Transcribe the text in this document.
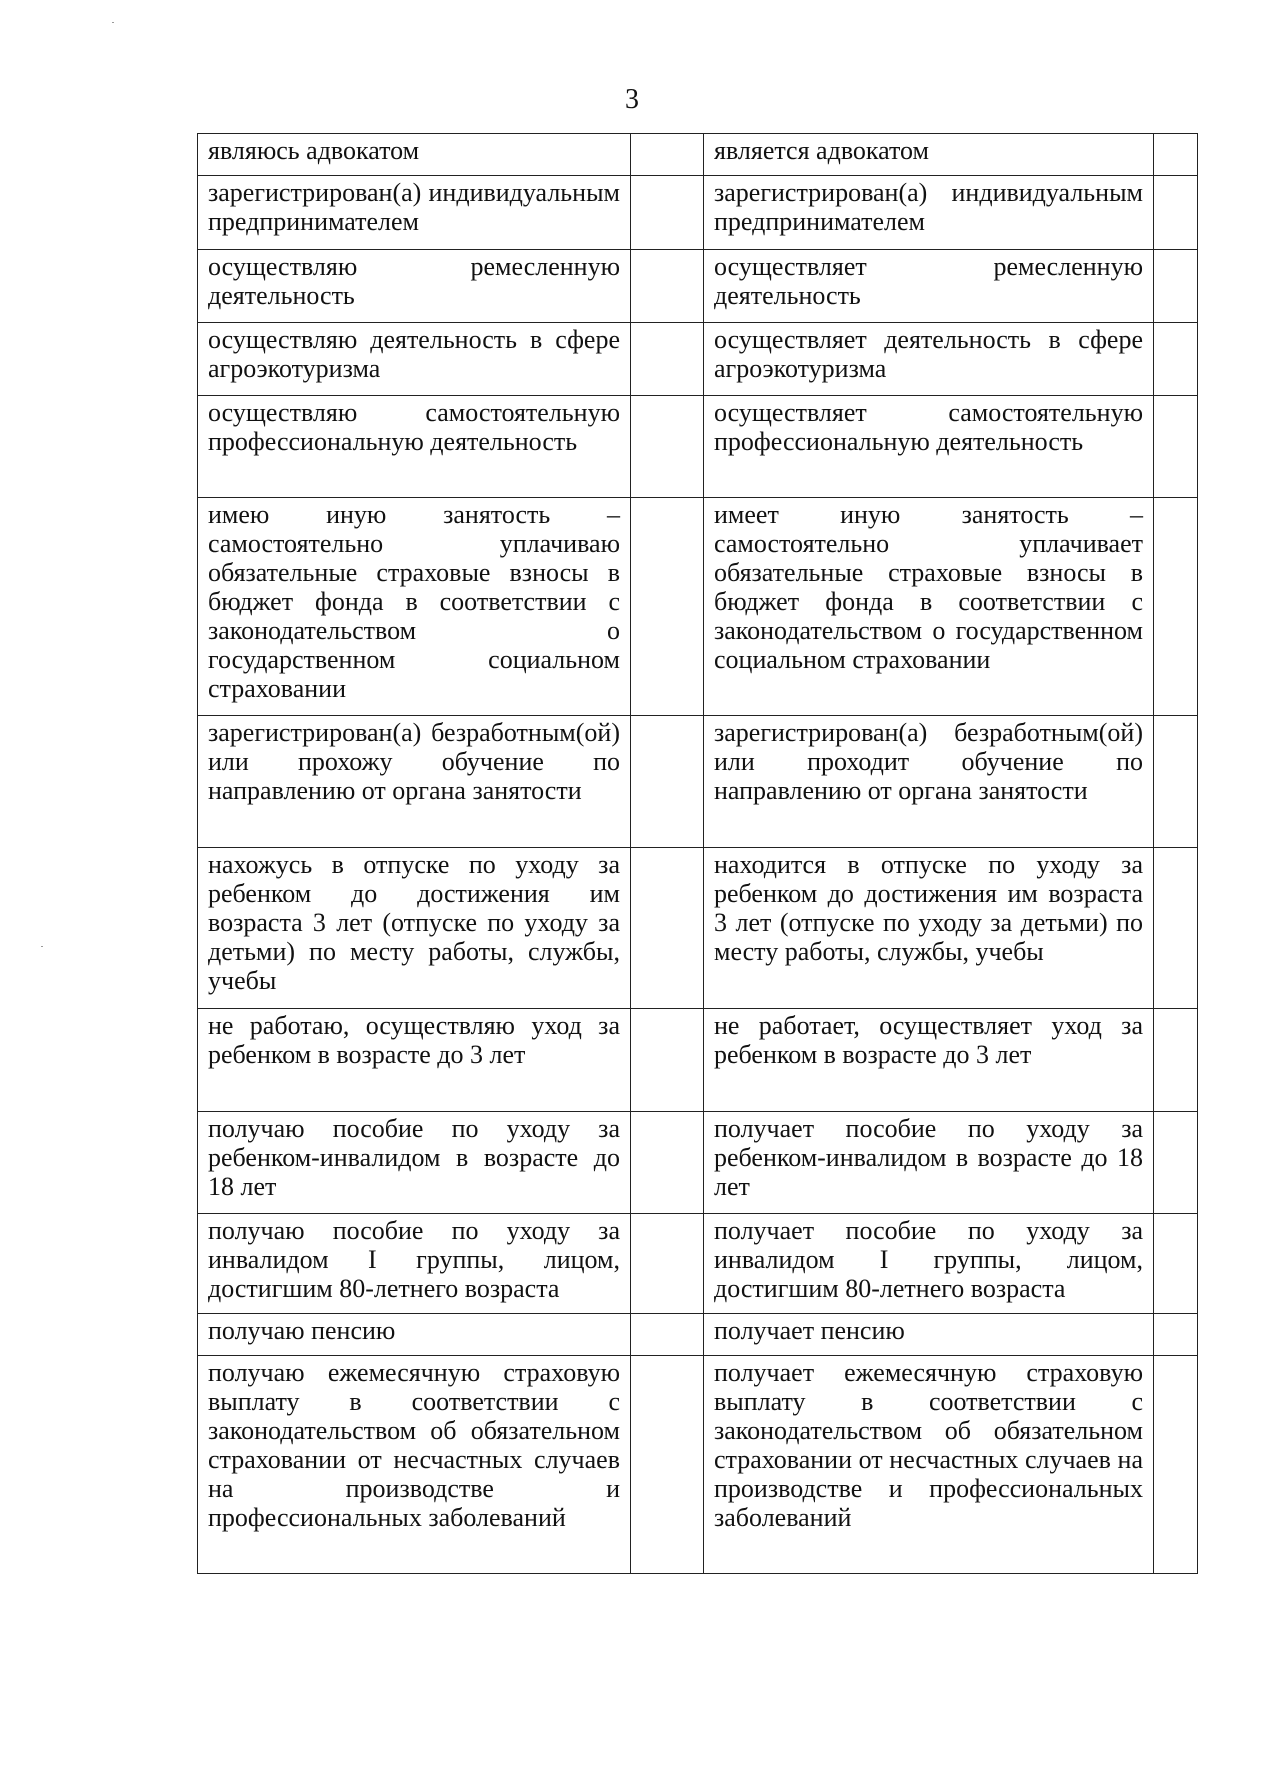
3
являюсь адвокатом		является адвокатом	
зарегистрирован(а) индивидуальным предпринимателем		зарегистрирован(а) индивидуальным предпринимателем	
осуществляю ремесленную деятельность		осуществляет ремесленную деятельность	
осуществляю деятельность в сфере агроэкотуризма		осуществляет деятельность в сфере агроэкотуризма	
осуществляю самостоятельную профессиональную деятельность		осуществляет самостоятельную профессиональную деятельность	
имею иную занятость – самостоятельно уплачиваю обязательные страховые взносы в бюджет фонда в соответствии с законодательством о государственном социальном страховании		имеет иную занятость – самостоятельно уплачивает обязательные страховые взносы в бюджет фонда в соответствии с законодательством о государственном социальном страховании	
зарегистрирован(а) безработным(ой) или прохожу обучение по направлению от органа занятости		зарегистрирован(а) безработным(ой) или проходит обучение по направлению от органа занятости	
нахожусь в отпуске по уходу за ребенком до достижения им возраста 3 лет (отпуске по уходу за детьми) по месту работы, службы, учебы		находится в отпуске по уходу за ребенком до достижения им возраста 3 лет (отпуске по уходу за детьми) по месту работы, службы, учебы	
не работаю, осуществляю уход за ребенком в возрасте до 3 лет		не работает, осуществляет уход за ребенком в возрасте до 3 лет	
получаю пособие по уходу за ребенком-инвалидом в возрасте до 18 лет		получает пособие по уходу за ребенком-инвалидом в возрасте до 18 лет	
получаю пособие по уходу за инвалидом I группы, лицом, достигшим 80-летнего возраста		получает пособие по уходу за инвалидом I группы, лицом, достигшим 80-летнего возраста	
получаю пенсию		получает пенсию	
получаю ежемесячную страховую выплату в соответствии с законодательством об обязательном страховании от несчастных случаев на производстве и профессиональных заболеваний		получает ежемесячную страховую выплату в соответствии с законодательством об обязательном страховании от несчастных случаев на производстве и профессиональных заболеваний	
